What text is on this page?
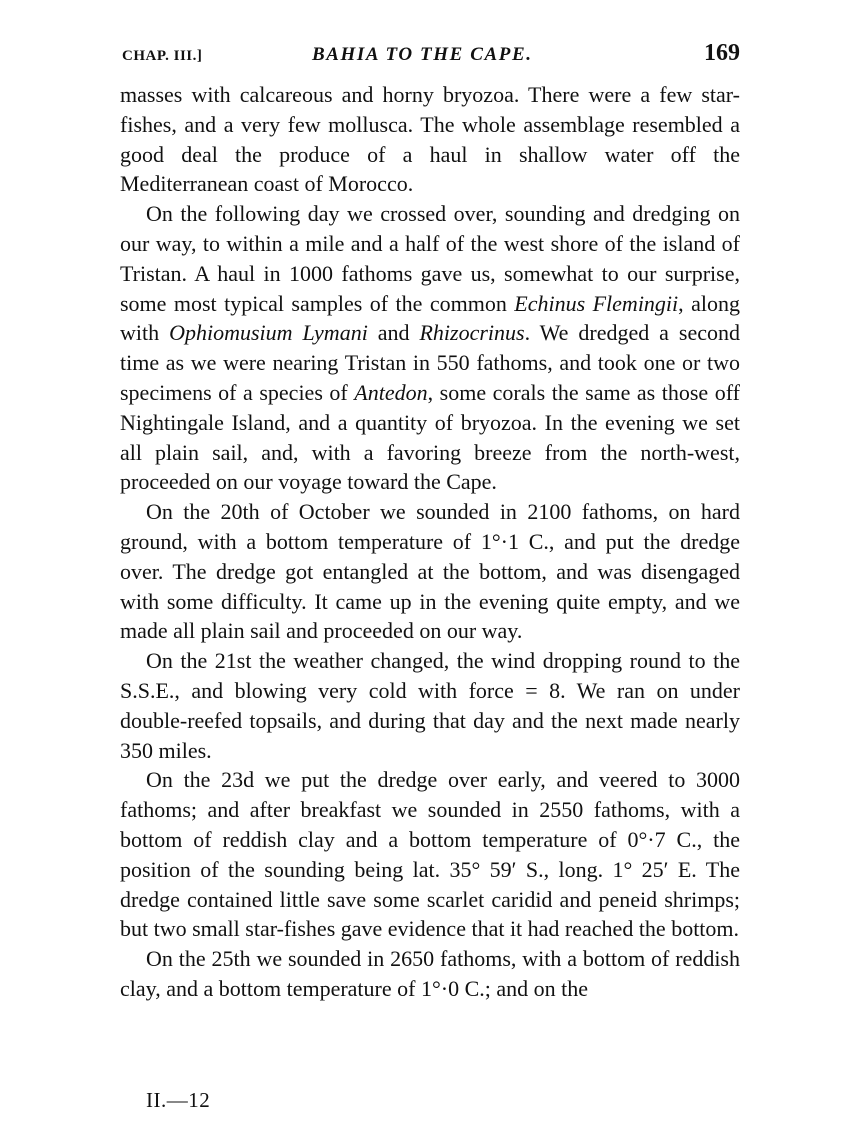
CHAP. III.]	BAHIA TO THE CAPE.	169

masses with calcareous and horny bryozoa. There were a few star-fishes, and a very few mollusca. The whole assemblage resembled a good deal the produce of a haul in shallow water off the Mediterranean coast of Morocco.

On the following day we crossed over, sounding and dredging on our way, to within a mile and a half of the west shore of the island of Tristan. A haul in 1000 fathoms gave us, somewhat to our surprise, some most typical samples of the common Echinus Flemingii, along with Ophiomusium Lymani and Rhizocrinus. We dredged a second time as we were nearing Tristan in 550 fathoms, and took one or two specimens of a species of Antedon, some corals the same as those off Nightingale Island, and a quantity of bryozoa. In the evening we set all plain sail, and, with a favoring breeze from the north-west, proceeded on our voyage toward the Cape.

On the 20th of October we sounded in 2100 fathoms, on hard ground, with a bottom temperature of 1°·1 C., and put the dredge over. The dredge got entangled at the bottom, and was disengaged with some difficulty. It came up in the evening quite empty, and we made all plain sail and proceeded on our way.

On the 21st the weather changed, the wind dropping round to the S.S.E., and blowing very cold with force = 8. We ran on under double-reefed topsails, and during that day and the next made nearly 350 miles.

On the 23d we put the dredge over early, and veered to 3000 fathoms; and after breakfast we sounded in 2550 fathoms, with a bottom of reddish clay and a bottom temperature of 0°·7 C., the position of the sounding being lat. 35° 59′ S., long. 1° 25′ E. The dredge contained little save some scarlet caridid and peneid shrimps; but two small star-fishes gave evidence that it had reached the bottom.

On the 25th we sounded in 2650 fathoms, with a bottom of reddish clay, and a bottom temperature of 1°·0 C.; and on the

II.—12
